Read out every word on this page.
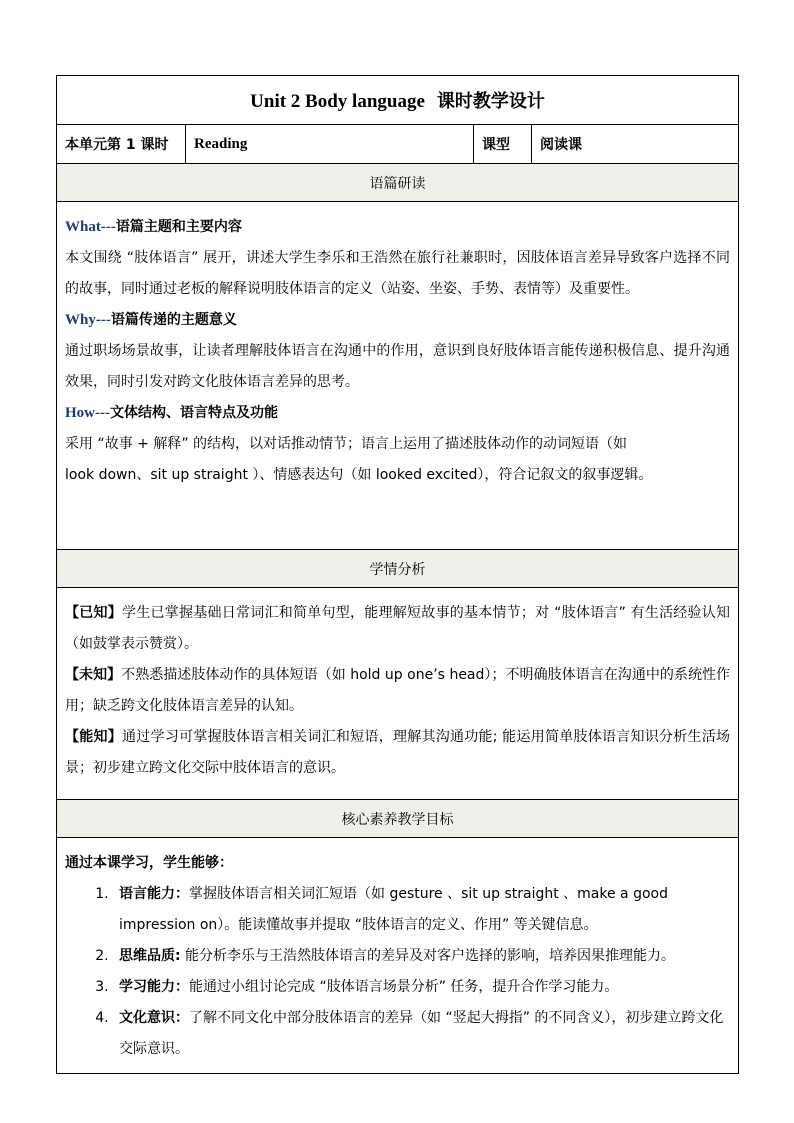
Unit 2 Body language 课时教学设计
本单元第 1 课时	Reading	课型	阅读课
语篇研读

What---语篇主题和主要内容

本文围绕 “肢体语言” 展开，讲述大学生李乐和王浩然在旅行社兼职时，因肢体语言差异导致客户选择不同的故事，同时通过老板的解释说明肢体语言的定义（站姿、坐姿、手势、表情等）及重要性。

Why---语篇传递的主题意义

通过职场场景故事，让读者理解肢体语言在沟通中的作用，意识到良好肢体语言能传递积极信息、提升沟通效果，同时引发对跨文化肢体语言差异的思考。

How---文体结构、语言特点及功能

采用 “故事 + 解释” 的结构，以对话推动情节；语言上运用了描述肢体动作的动词短语（如

look down、sit up straight ）、情感表达句（如 looked excited），符合记叙文的叙事逻辑。

学情分析

【已知】学生已掌握基础日常词汇和简单句型，能理解短故事的基本情节；对 “肢体语言” 有生活经验认知（如鼓掌表示赞赏）。

【未知】不熟悉描述肢体动作的具体短语（如 hold up one’s head）；不明确肢体语言在沟通中的系统性作用；缺乏跨文化肢体语言差异的认知。

【能知】通过学习可掌握肢体语言相关词汇和短语，理解其沟通功能; 能运用简单肢体语言知识分析生活场景；初步建立跨文化交际中肢体语言的意识。

核心素养教学目标

通过本课学习，学生能够：

1. 语言能力：掌握肢体语言相关词汇短语（如 gesture 、sit up straight 、make a good impression on）。能读懂故事并提取 “肢体语言的定义、作用” 等关键信息。
2. 思维品质: 能分析李乐与王浩然肢体语言的差异及对客户选择的影响，培养因果推理能力。
3. 学习能力：能通过小组讨论完成 “肢体语言场景分析” 任务，提升合作学习能力。
4. 文化意识：了解不同文化中部分肢体语言的差异（如 “竖起大拇指” 的不同含义），初步建立跨文化交际意识。
